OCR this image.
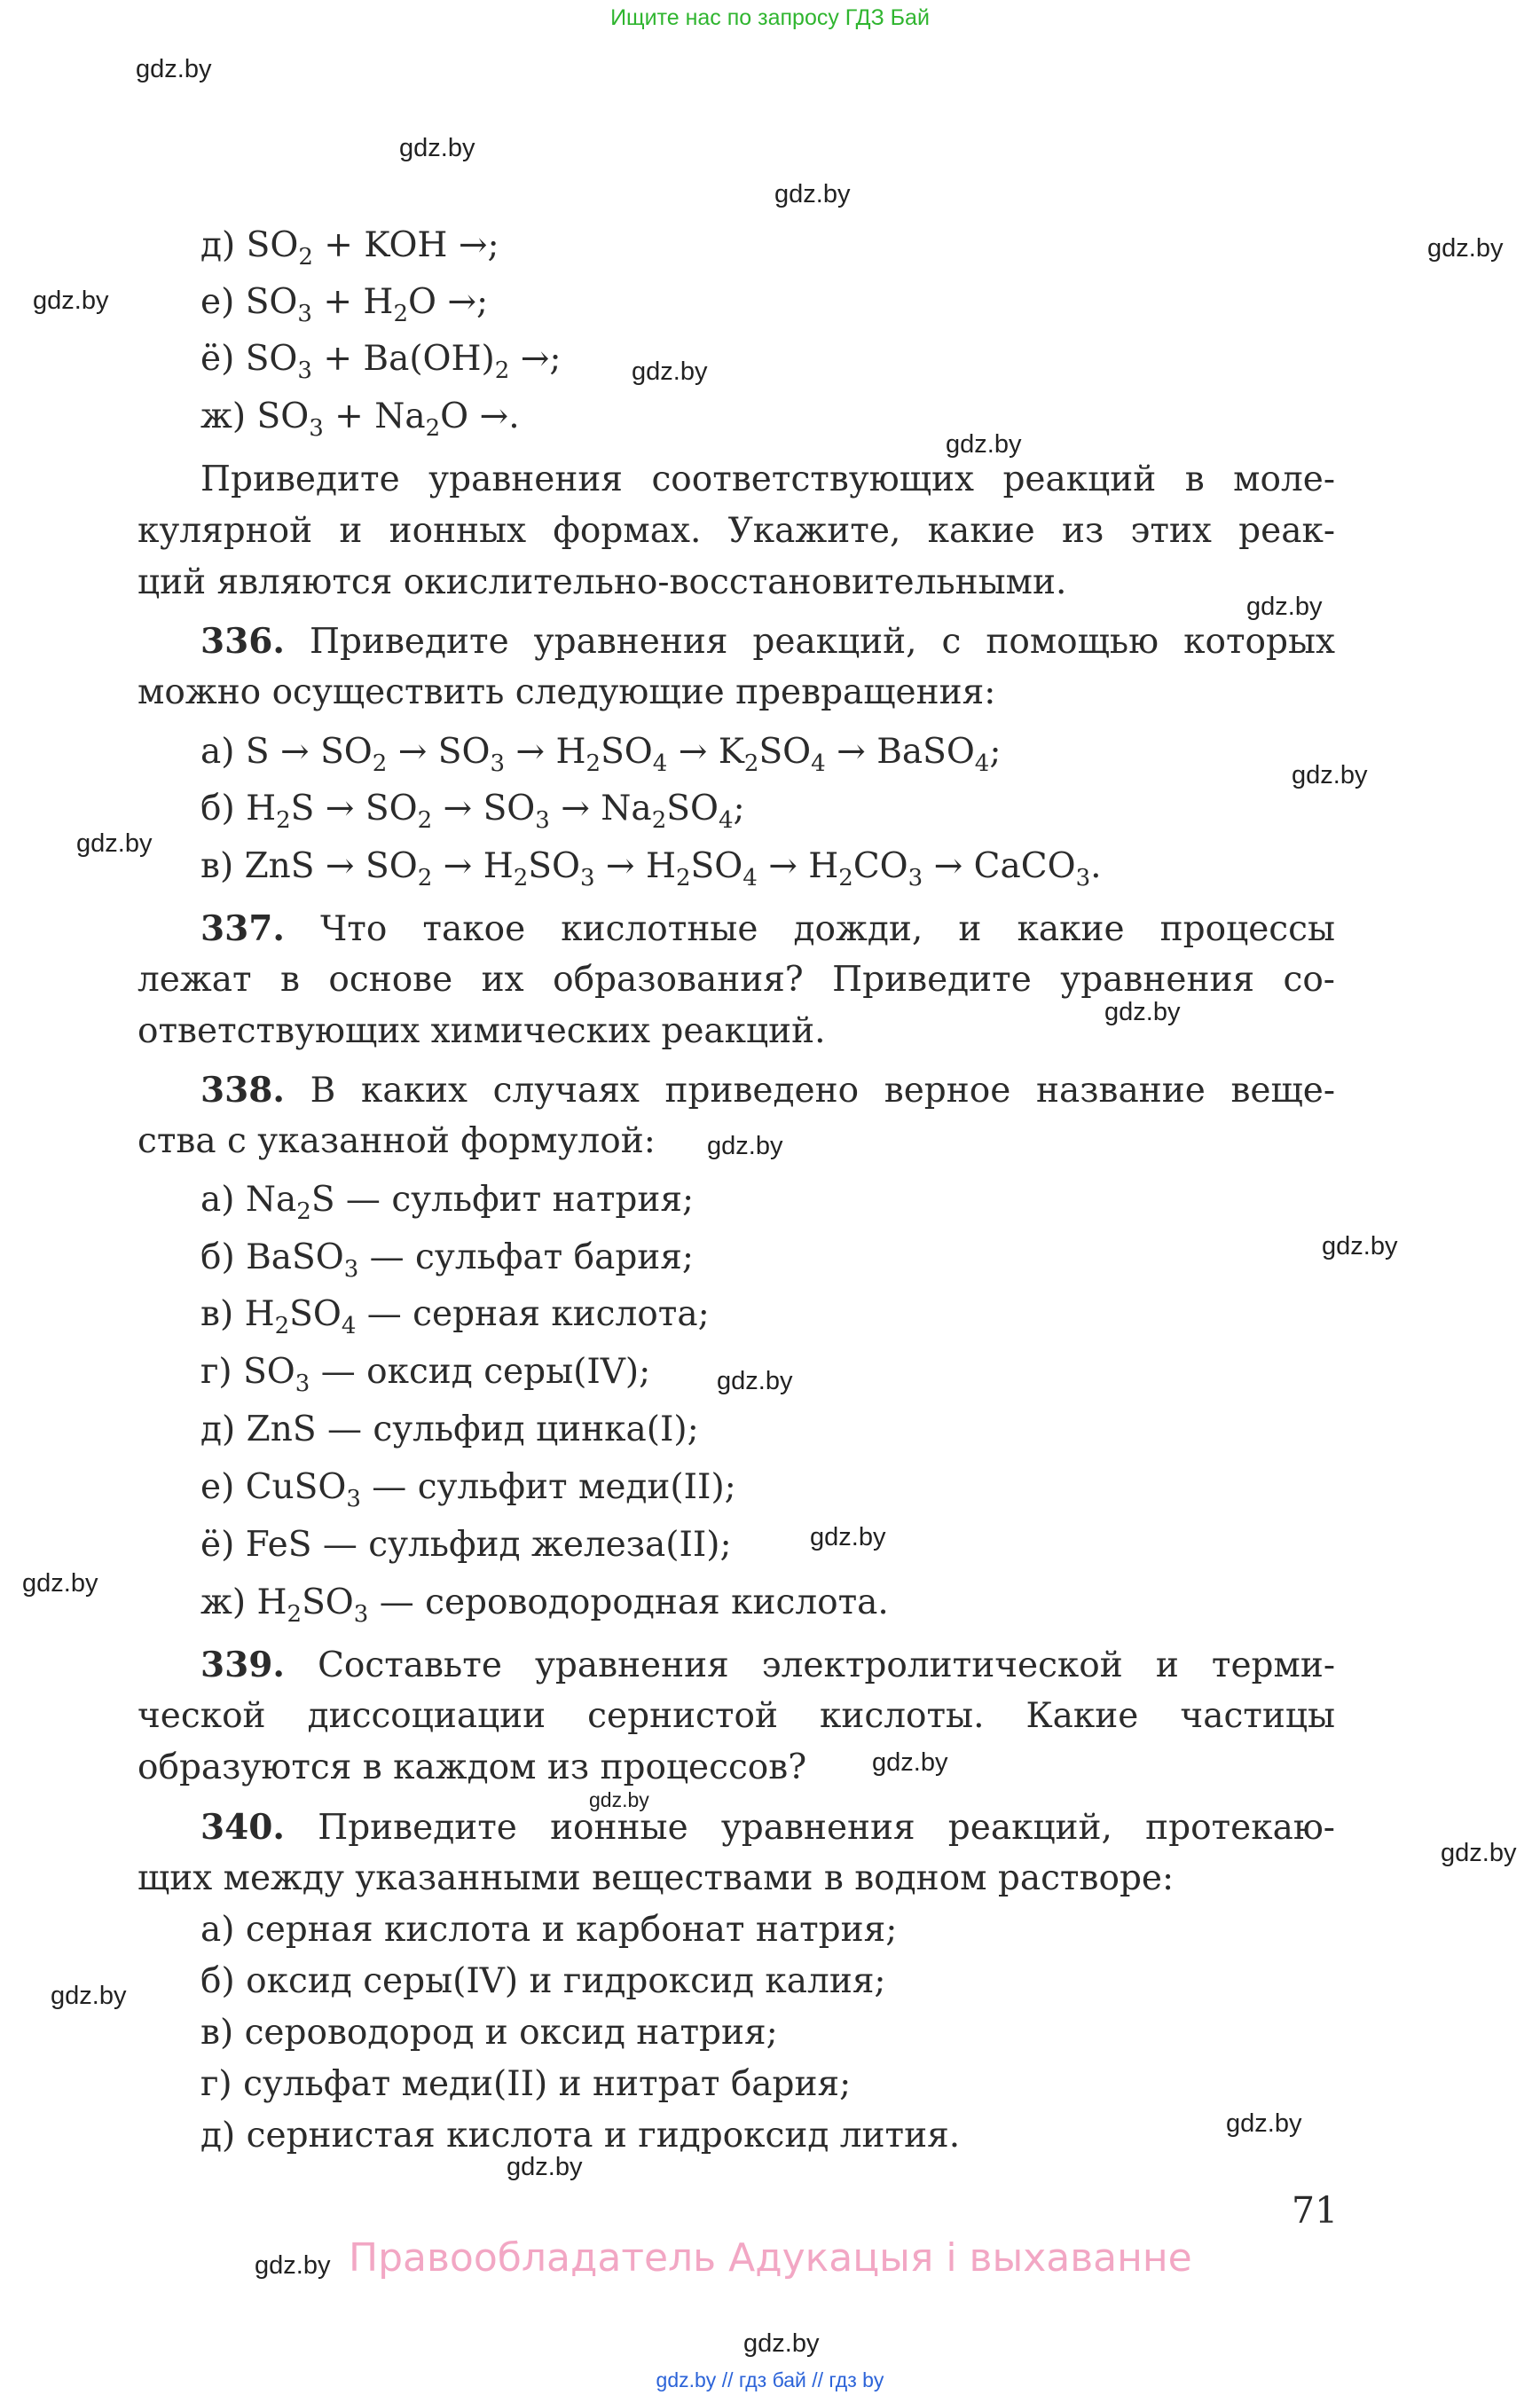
Ищите нас по запросу ГДЗ Бай
gdz.by
gdz.by
gdz.by
gdz.by
gdz.by
gdz.by
gdz.by
gdz.by
gdz.by
gdz.by
gdz.by
gdz.by
gdz.by
gdz.by
gdz.by
gdz.by
gdz.by
gdz.by
gdz.by
gdz.by
gdz.by
gdz.by
gdz.by
gdz.by
д) $SO_2$ + KOH →;
е) $SO_3 + H_2O$ →;
ё) $SO_3 + Ba(OH)_2$ →;
ж) $SO_3 + Na_2O$ →.
Приведите уравнения соответствующих реакций в моле-
кулярной и ионных формах. Укажите, какие из этих реак-
ций являются окислительно-восстановительными.
336. Приведите уравнения реакций, с помощью которых
можно осуществить следующие превращения:
а) $S \to SO_2 \to SO_3 \to H_2SO_4 \to K_2SO_4$ → BaSO$_4$;
б) $H_2S \to SO_2 \to SO_3 \to Na_2SO_4$;
в) ZnS → $SO_2 \to H_2SO_3 \to H_2SO_4 \to H_2CO_3$ → CaCO$_3$.
337. Что такое кислотные дожди, и какие процессы
лежат в основе их образования? Приведите уравнения со-
ответствующих химических реакций.
338. В каких случаях приведено верное название веще-
ства с указанной формулой:
а) $Na_2S$ — сульфит натрия;
б) BaSO$_3$ — сульфат бария;
в) $H_2SO_4$ — серная кислота;
г) $SO_3$ — оксид серы(IV);
д) ZnS — сульфид цинка(I);
е) CuSO$_3$ — сульфит меди(II);
ё) FeS — сульфид железа(II);
ж) $H_2SO_3$ — сероводородная кислота.
339. Составьте уравнения электролитической и терми-
ческой диссоциации сернистой кислоты. Какие частицы
образуются в каждом из процессов?
340. Приведите ионные уравнения реакций, протекаю-
щих между указанными веществами в водном растворе:
а) серная кислота и карбонат натрия;
б) оксид серы(IV) и гидроксид калия;
в) сероводород и оксид натрия;
г) сульфат меди(II) и нитрат бария;
д) сернистая кислота и гидроксид лития.
71
Правообладатель Адукацыя і выхаванне
gdz.by // гдз бай // гдз by
